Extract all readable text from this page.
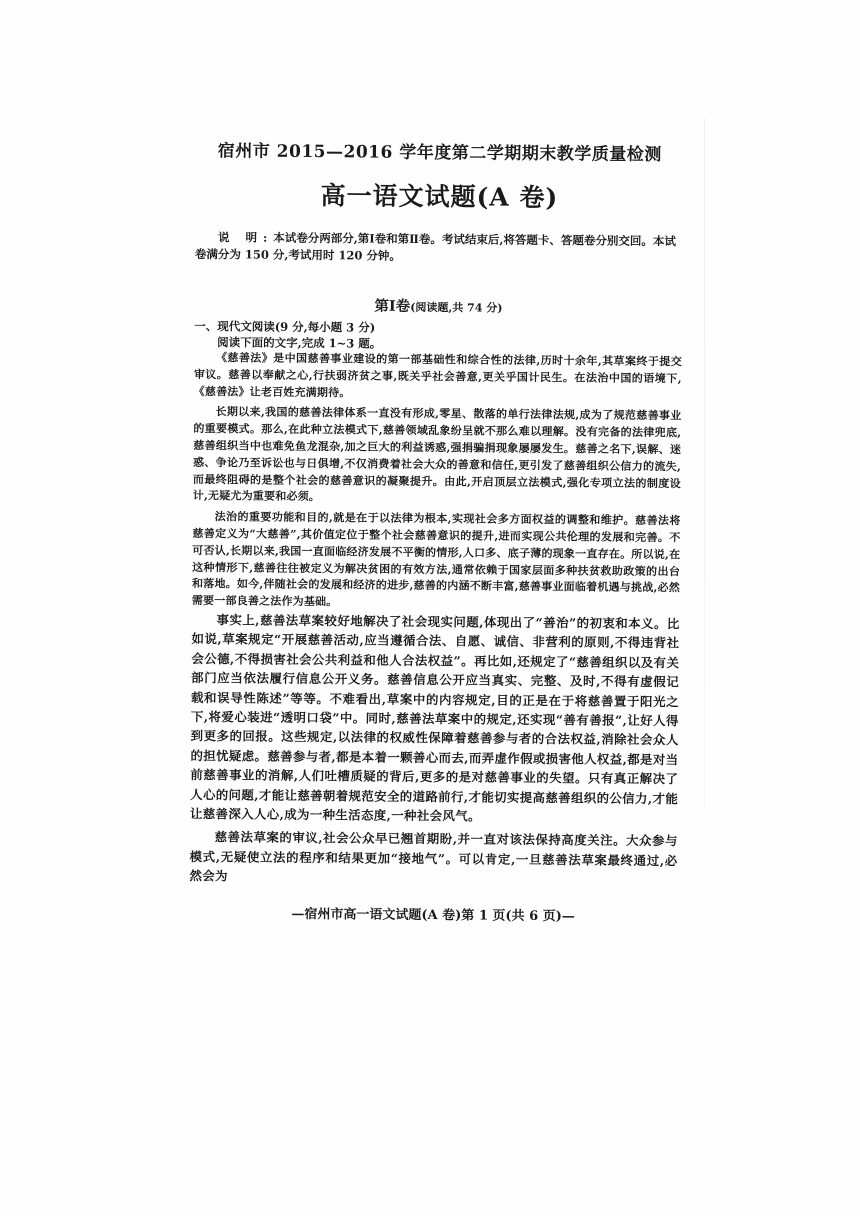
宿州市 2015—2016 学年度第二学期期末教学质量检测
高一语文试题(A 卷)
说 明:本试卷分两部分,第Ⅰ卷和第Ⅱ卷。考试结束后,将答题卡、答题卷分别交回。本试卷满分为 150 分,考试用时 120 分钟。
第Ⅰ卷(阅读题,共 74 分)
一、现代文阅读(9 分,每小题 3 分)
阅读下面的文字,完成 1~3 题。

《慈善法》是中国慈善事业建设的第一部基础性和综合性的法律,历时十余年,其草案终于提交审议。慈善以奉献之心,行扶弱济贫之事,既关乎社会善意,更关乎国计民生。在法治中国的语境下,《慈善法》让老百姓充满期待。

长期以来,我国的慈善法律体系一直没有形成,零星、散落的单行法律法规,成为了规范慈善事业的重要模式。那么,在此种立法模式下,慈善领域乱象纷呈就不那么难以理解。没有完备的法律兜底,慈善组织当中也难免鱼龙混杂,加之巨大的利益诱惑,强捐骗捐现象屡屡发生。慈善之名下,误解、迷惑、争论乃至诉讼也与日俱增,不仅消费着社会大众的善意和信任,更引发了慈善组织公信力的流失,而最终阻碍的是整个社会的慈善意识的凝聚提升。由此,开启顶层立法模式,强化专项立法的制度设计,无疑尤为重要和必须。

法治的重要功能和目的,就是在于以法律为根本,实现社会多方面权益的调整和维护。慈善法将慈善定义为“大慈善”,其价值定位于整个社会慈善意识的提升,进而实现公共伦理的发展和完善。不可否认,长期以来,我国一直面临经济发展不平衡的情形,人口多、底子薄的现象一直存在。所以说,在这种情形下,慈善往往被定义为解决贫困的有效方法,通常依赖于国家层面多种扶贫救助政策的出台和落地。如今,伴随社会的发展和经济的进步,慈善的内涵不断丰富,慈善事业面临着机遇与挑战,必然需要一部良善之法作为基础。

事实上,慈善法草案较好地解决了社会现实问题,体现出了“善治”的初衷和本义。比如说,草案规定“开展慈善活动,应当遵循合法、自愿、诚信、非营利的原则,不得违背社会公德,不得损害社会公共利益和他人合法权益”。再比如,还规定了“慈善组织以及有关部门应当依法履行信息公开义务。慈善信息公开应当真实、完整、及时,不得有虚假记载和误导性陈述”等等。不难看出,草案中的内容规定,目的正是在于将慈善置于阳光之下,将爱心装进“透明口袋”中。同时,慈善法草案中的规定,还实现“善有善报”,让好人得到更多的回报。这些规定,以法律的权威性保障着慈善参与者的合法权益,消除社会众人的担忧疑虑。慈善参与者,都是本着一颗善心而去,而弄虚作假或损害他人权益,都是对当前慈善事业的消解,人们吐槽质疑的背后,更多的是对慈善事业的失望。只有真正解决了人心的问题,才能让慈善朝着规范安全的道路前行,才能切实提高慈善组织的公信力,才能让慈善深入人心,成为一种生活态度,一种社会风气。

慈善法草案的审议,社会公众早已翘首期盼,并一直对该法保持高度关注。大众参与模式,无疑使立法的程序和结果更加“接地气”。可以肯定,一旦慈善法草案最终通过,必然会为

—宿州市高一语文试题(A 卷)第 1 页(共 6 页)—
